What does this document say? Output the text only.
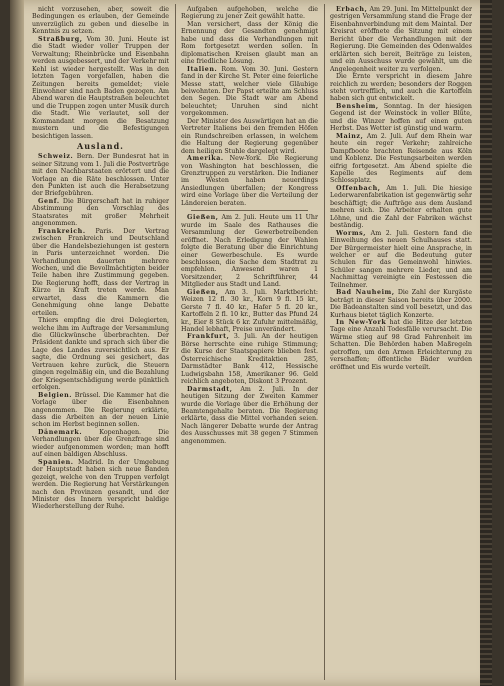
nicht vorzusehen, aber, soweit die Bedingungen es erlauben, der Gemeinde unverzüglich zu geben und dieselbe in Kenntnis zu setzen.

Straßburg, Vom 30. Juni. Heute ist die Stadt wieder voller Truppen der Verwaltung; Rheinbrücke und Eisenbahn werden ausgebessert, und der Verkehr mit Kehl ist wieder hergestellt. Was in den letzten Tagen vorgefallen, haben die Zeitungen bereits gemeldet; viele Einwohner sind nach Baden gezogen. Am Abend waren die Hauptstraßen beleuchtet und die Truppen zogen unter Musik durch die Stadt. Wie verlautet, soll der Kommandant morgen die Besatzung mustern und die Befestigungen besichtigen lassen.

Ausland.

Schweiz. Bern. Der Bundesrat hat in seiner Sitzung vom 1. Juli die Postverträge mit den Nachbarstaaten erörtert und die Vorlage an die Räte beschlossen. Unter den Punkten ist auch die Herabsetzung der Briefgebühren.

Genf. Die Bürgerschaft hat in ruhiger Abstimmung den Vorschlag des Staatsrates mit großer Mehrheit angenommen.

Frankreich. Paris. Der Vertrag zwischen Frankreich und Deutschland über die Handelsbeziehungen ist gestern in Paris unterzeichnet worden. Die Verhandlungen dauerten mehrere Wochen, und die Bevollmächtigten beider Teile haben ihre Zustimmung gegeben. Die Regierung hofft, dass der Vertrag in Kürze in Kraft treten werde. Man erwartet, dass die Kammern die Genehmigung ohne lange Debatte erteilen.

Thiers empfing die drei Delegierten, welche ihm im Auftrage der Versammlung die Glückwünsche überbrachten. Der Präsident dankte und sprach sich über die Lage des Landes zuversichtlich aus. Er sagte, die Ordnung sei gesichert, das Vertrauen kehre zurück, die Steuern gingen regelmäßig ein, und die Bezahlung der Kriegsentschädigung werde pünktlich erfolgen.

Belgien. Brüssel. Die Kammer hat die Vorlage über die Eisenbahnen angenommen. Die Regierung erklärte, dass die Arbeiten an der neuen Linie schon im Herbst beginnen sollen.

Dänemark.	Kopenhagen. Die Verhandlungen über die Grenzfrage sind wieder aufgenommen worden; man hofft auf einen baldigen Abschluss.

Spanien. Madrid. In der Umgebung der Hauptstadt haben sich neue Banden gezeigt, welche von den Truppen verfolgt werden. Die Regierung hat Verstärkungen nach den Provinzen gesandt, und der Minister des Innern verspricht baldige Wiederherstellung der Ruhe.

Aufgaben aufgehoben, welche die Regierung zu jener Zeit gewählt hatte.

Man versichert, dass der König die Ernennung der Gesandten genehmigt habe und dass die Verhandlungen mit Rom fortgesetzt werden sollen. In diplomatischen Kreisen glaubt man an eine friedliche Lösung.

Italien. Rom. Vom 30. Juni. Gestern fand in der Kirche St. Peter eine feierliche Messe statt, welcher viele Gläubige beiwohnten. Der Papst erteilte am Schluss den Segen. Die Stadt war am Abend beleuchtet; Unruhen sind nicht vorgekommen.

Der Minister des Auswärtigen hat an die Vertreter Italiens bei den fremden Höfen ein Rundschreiben erlassen, in welchem die Haltung der Regierung gegenüber dem heiligen Stuhle dargelegt wird.

Amerika. New-York. Die Regierung von Washington hat beschlossen, die Grenztruppen zu verstärken. Die Indianer im Westen haben neuerdings Ansiedlungen überfallen; der Kongress wird eine Vorlage über die Verteilung der Ländereien beraten.

Gießen, Am 2. Juli. Heute um 11 Uhr wurde im Saale des Rathauses die Versammlung der Gewerbetreibenden eröffnet. Nach Erledigung der Wahlen folgte die Beratung über die Einrichtung einer Gewerbeschule. Es wurde beschlossen, die Sache dem Stadtrat zu empfehlen. Anwesend waren 1 Vorsitzender, 2 Schriftführer, 44 Mitglieder aus Stadt und Land.

Gießen, Am 3. Juli. Marktbericht: Weizen 12 fl. 30 kr., Korn 9 fl. 15 kr., Gerste 7 fl. 40 kr., Hafer 5 fl. 20 kr., Kartoffeln 2 fl. 10 kr., Butter das Pfund 24 kr., Eier 8 Stück 6 kr. Zufuhr mittelmäßig, Handel lebhaft, Preise unverändert.

Frankfurt, 3. Juli. An der heutigen Börse herrschte eine ruhige Stimmung; die Kurse der Staatspapiere blieben fest. Österreichische Kreditaktien 285, Darmstädter Bank 412, Hessische Ludwigsbahn 158, Amerikaner 96. Geld reichlich angeboten, Diskont 3 Prozent.

Darmstadt, Am 2. Juli. In der heutigen Sitzung der Zweiten Kammer wurde die Vorlage über die Erhöhung der Beamtengehalte beraten. Die Regierung erklärte, dass die Mittel vorhanden seien. Nach längerer Debatte wurde der Antrag des Ausschusses mit 38 gegen 7 Stimmen angenommen.

Erbach, Am 29. Juni. Im Mittelpunkt der gestrigen Versammlung stand die Frage der Eisenbahnverbindung mit dem Maintal. Der Kreisrat eröffnete die Sitzung mit einem Bericht über die Verhandlungen mit der Regierung. Die Gemeinden des Odenwaldes erklärten sich bereit, Beiträge zu leisten, und ein Ausschuss wurde gewählt, um die Angelegenheit weiter zu verfolgen.

Die Ernte verspricht in diesem Jahre reichlich zu werden; besonders der Roggen steht vortrefflich, und auch die Kartoffeln haben sich gut entwickelt.

Bensheim, Sonntag. In der hiesigen Gegend ist der Weinstock in voller Blüte, und die Winzer hoffen auf einen guten Herbst. Das Wetter ist günstig und warm.

Mainz, Am 2. Juli. Auf dem Rhein war heute ein reger Verkehr; zahlreiche Dampfboote brachten Reisende aus Köln und Koblenz. Die Festungsarbeiten werden eifrig fortgesetzt. Am Abend spielte die Kapelle des Regiments auf dem Schlossplatz.

Offenbach, Am 1. Juli. Die hiesige Lederwarenfabrikation ist gegenwärtig sehr beschäftigt; die Aufträge aus dem Ausland mehren sich. Die Arbeiter erhalten gute Löhne, und die Zahl der Fabriken wächst beständig.

Worms, Am 2. Juli. Gestern fand die Einweihung des neuen Schulhauses statt. Der Bürgermeister hielt eine Ansprache, in welcher er auf die Bedeutung guter Schulen für das Gemeinwohl hinwies. Schüler sangen mehrere Lieder, und am Nachmittag vereinigte ein Festessen die Teilnehmer.

Bad Nauheim, Die Zahl der Kurgäste beträgt in dieser Saison bereits über 2000. Die Badeanstalten sind voll besetzt, und das Kurhaus bietet täglich Konzerte.

In New-York hat die Hitze der letzten Tage eine Anzahl Todesfälle verursacht. Die Wärme stieg auf 98 Grad Fahrenheit im Schatten. Die Behörden haben Maßregeln getroffen, um den Armen Erleichterung zu verschaffen; öffentliche Bäder wurden eröffnet und Eis wurde verteilt.
